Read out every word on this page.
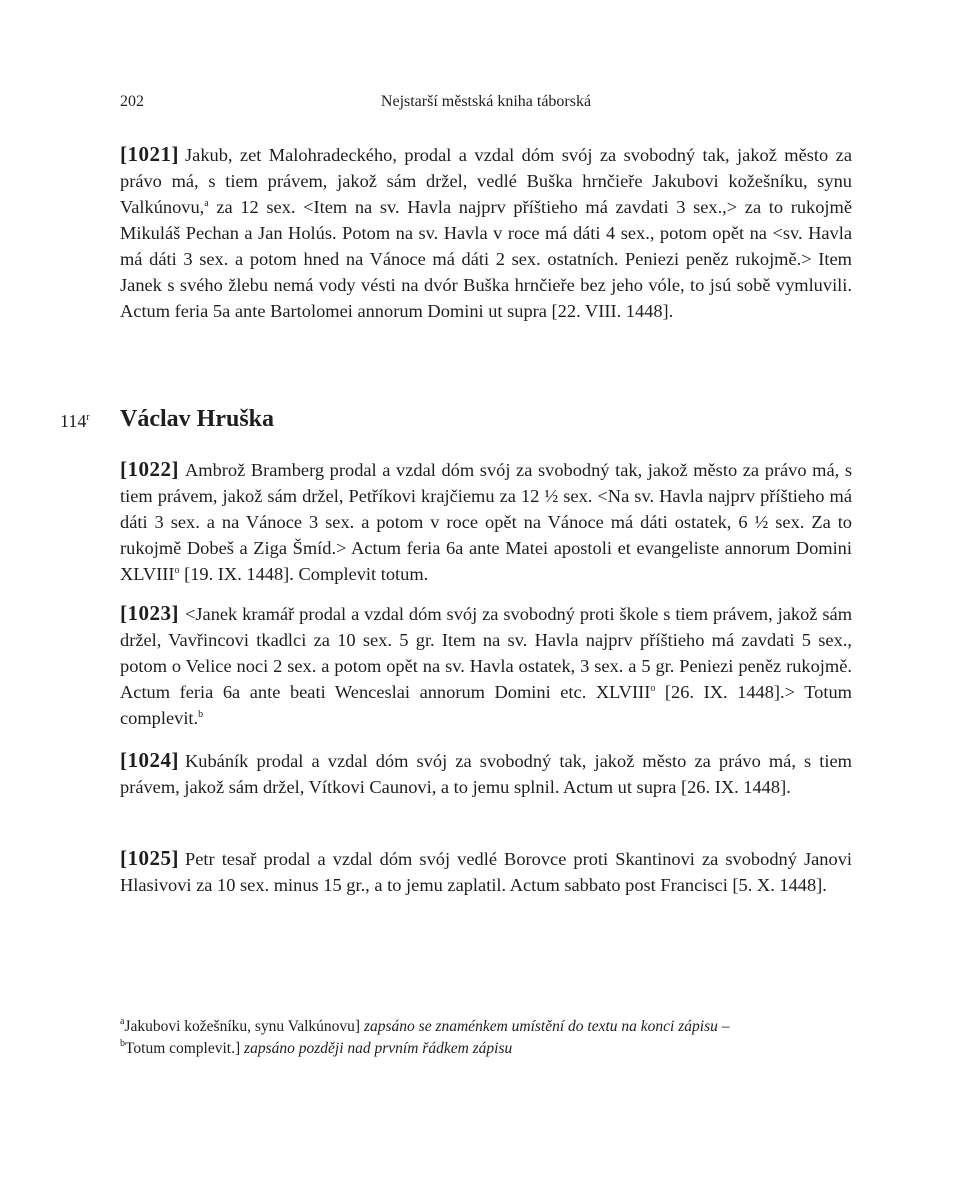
202	Nejstarší městská kniha táborská

[1021] Jakub, zet Malohradeckého, prodal a vzdal dóm svój za svobodný tak, jakož město za právo má, s tiem právem, jakož sám držel, vedlé Buška hrnčieře Jakubovi kožešníku, synu Valkúnovu,$^a$ za 12 sex. <Item na sv. Havla najprv příštieho má zavdati 3 sex.,> za to rukojmě Mikuláš Pechan a Jan Holús. Potom na sv. Havla v roce má dáti 4 sex., potom opět na <sv. Havla má dáti 3 sex. a potom hned na Vánoce má dáti 2 sex. ostatních. Peniezi peněz rukojmě.> Item Janek s svého žlebu nemá vody vésti na dvór Buška hrnčieře bez jeho vóle, to jsú sobě vymluvili. Actum feria 5a ante Bartolomei annorum Domini ut supra [22. VIII. 1448].

114$^r$ Václav Hruška

[1022] Ambrož Bramberg prodal a vzdal dóm svój za svobodný tak, jakož město za právo má, s tiem právem, jakož sám držel, Petříkovi krajčiemu za 12 ½ sex. <Na sv. Havla najprv příštieho má dáti 3 sex. a na Vánoce 3 sex. a potom v roce opět na Vánoce má dáti ostatek, 6 ½ sex. Za to rukojmě Dobeš a Ziga Šmíd.> Actum feria 6a ante Matei apostoli et evangeliste annorum Domini XLVIII$^o$ [19. IX. 1448]. Complevit totum.

[1023] <Janek kramář prodal a vzdal dóm svój za svobodný proti škole s tiem právem, jakož sám držel, Vavřincovi tkadlci za 10 sex. 5 gr. Item na sv. Havla najprv příštieho má zavdati 5 sex., potom o Velice noci 2 sex. a potom opět na sv. Havla ostatek, 3 sex. a 5 gr. Peniezi peněz rukojmě. Actum feria 6a ante beati Wenceslai annorum Domini etc. XLVIII$^o$ [26. IX. 1448].> Totum complevit.$^b$

[1024] Kubáník prodal a vzdal dóm svój za svobodný tak, jakož město za právo má, s tiem právem, jakož sám držel, Vítkovi Caunovi, a to jemu splnil. Actum ut supra [26. IX. 1448].

[1025] Petr tesař prodal a vzdal dóm svój vedlé Borovce proti Skantinovi za svobodný Janovi Hlasivovi za 10 sex. minus 15 gr., a to jemu zaplatil. Actum sabbato post Francisci [5. X. 1448].

$^a$Jakubovi kožešníku, synu Valkúnovu] zapsáno se znaménkem umístění do textu na konci zápisu –

$^b$Totum complevit.] zapsáno později nad prvním řádkem zápisu
